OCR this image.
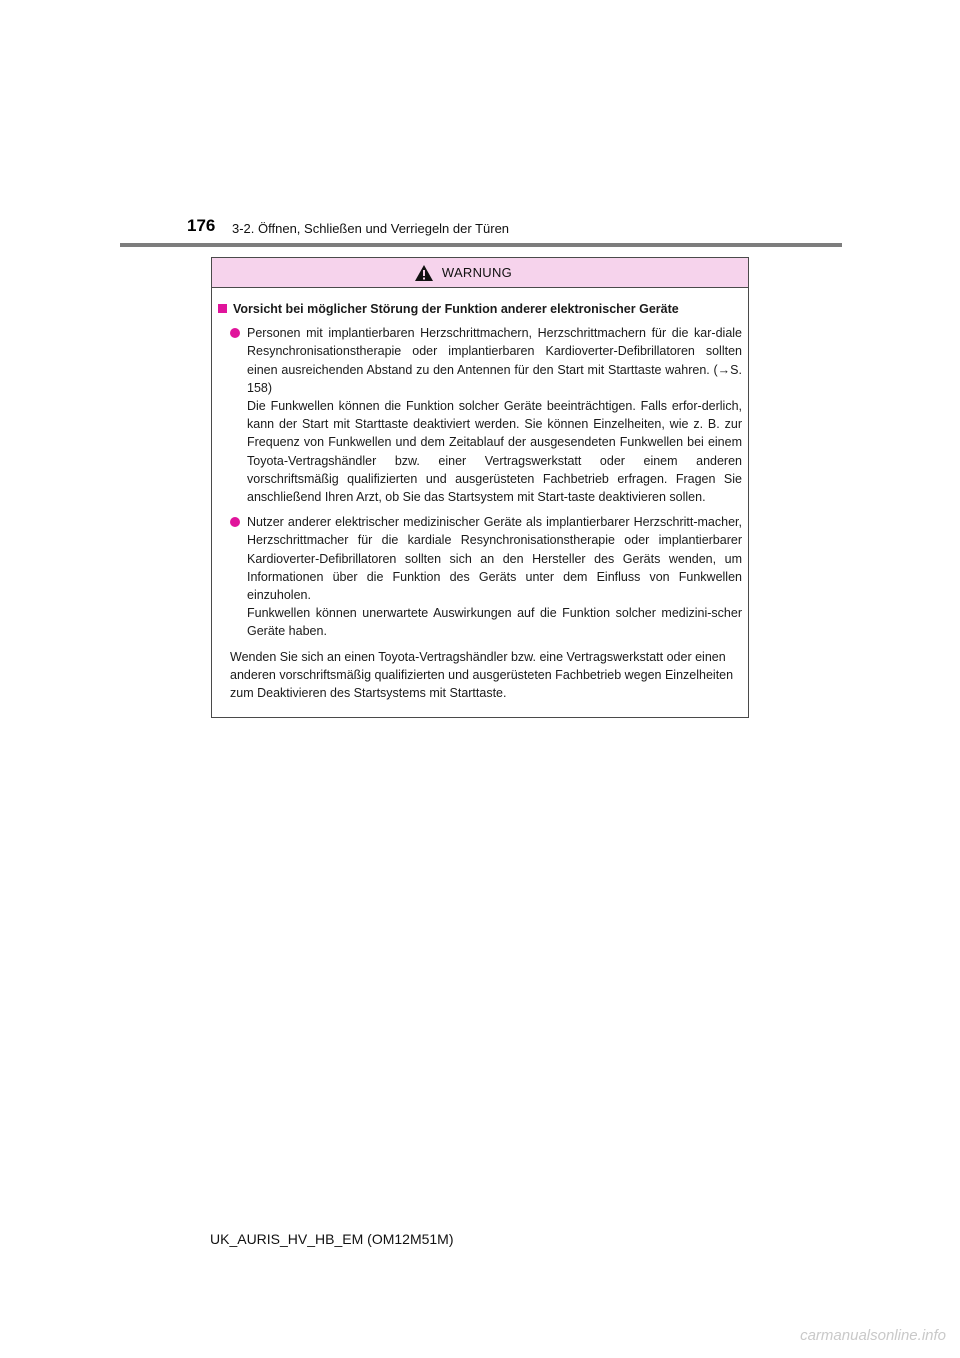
176 3-2. Öffnen, Schließen und Verriegeln der Türen
WARNUNG
Vorsicht bei möglicher Störung der Funktion anderer elektronischer Geräte

Personen mit implantierbaren Herzschrittmachern, Herzschrittmachern für die kar-diale Resynchronisationstherapie oder implantierbaren Kardioverter-Defibrillatoren sollten einen ausreichenden Abstand zu den Antennen für den Start mit Starttaste wahren. (→S. 158)

Die Funkwellen können die Funktion solcher Geräte beeinträchtigen. Falls erfor-derlich, kann der Start mit Starttaste deaktiviert werden. Sie können Einzelheiten, wie z. B. zur Frequenz von Funkwellen und dem Zeitablauf der ausgesendeten Funkwellen bei einem Toyota-Vertragshändler bzw. einer Vertragswerkstatt oder einem anderen vorschriftsmäßig qualifizierten und ausgerüsteten Fachbetrieb erfragen. Fragen Sie anschließend Ihren Arzt, ob Sie das Startsystem mit Start-taste deaktivieren sollen.

Nutzer anderer elektrischer medizinischer Geräte als implantierbarer Herzschritt-macher, Herzschrittmacher für die kardiale Resynchronisationstherapie oder implantierbarer Kardioverter-Defibrillatoren sollten sich an den Hersteller des Geräts wenden, um Informationen über die Funktion des Geräts unter dem Einfluss von Funkwellen einzuholen.

Funkwellen können unerwartete Auswirkungen auf die Funktion solcher medizini-scher Geräte haben.

Wenden Sie sich an einen Toyota-Vertragshändler bzw. eine Vertragswerkstatt oder einen anderen vorschriftsmäßig qualifizierten und ausgerüsteten Fachbetrieb wegen Einzelheiten zum Deaktivieren des Startsystems mit Starttaste.

UK_AURIS_HV_HB_EM (OM12M51M)
carmanualsonline.info
